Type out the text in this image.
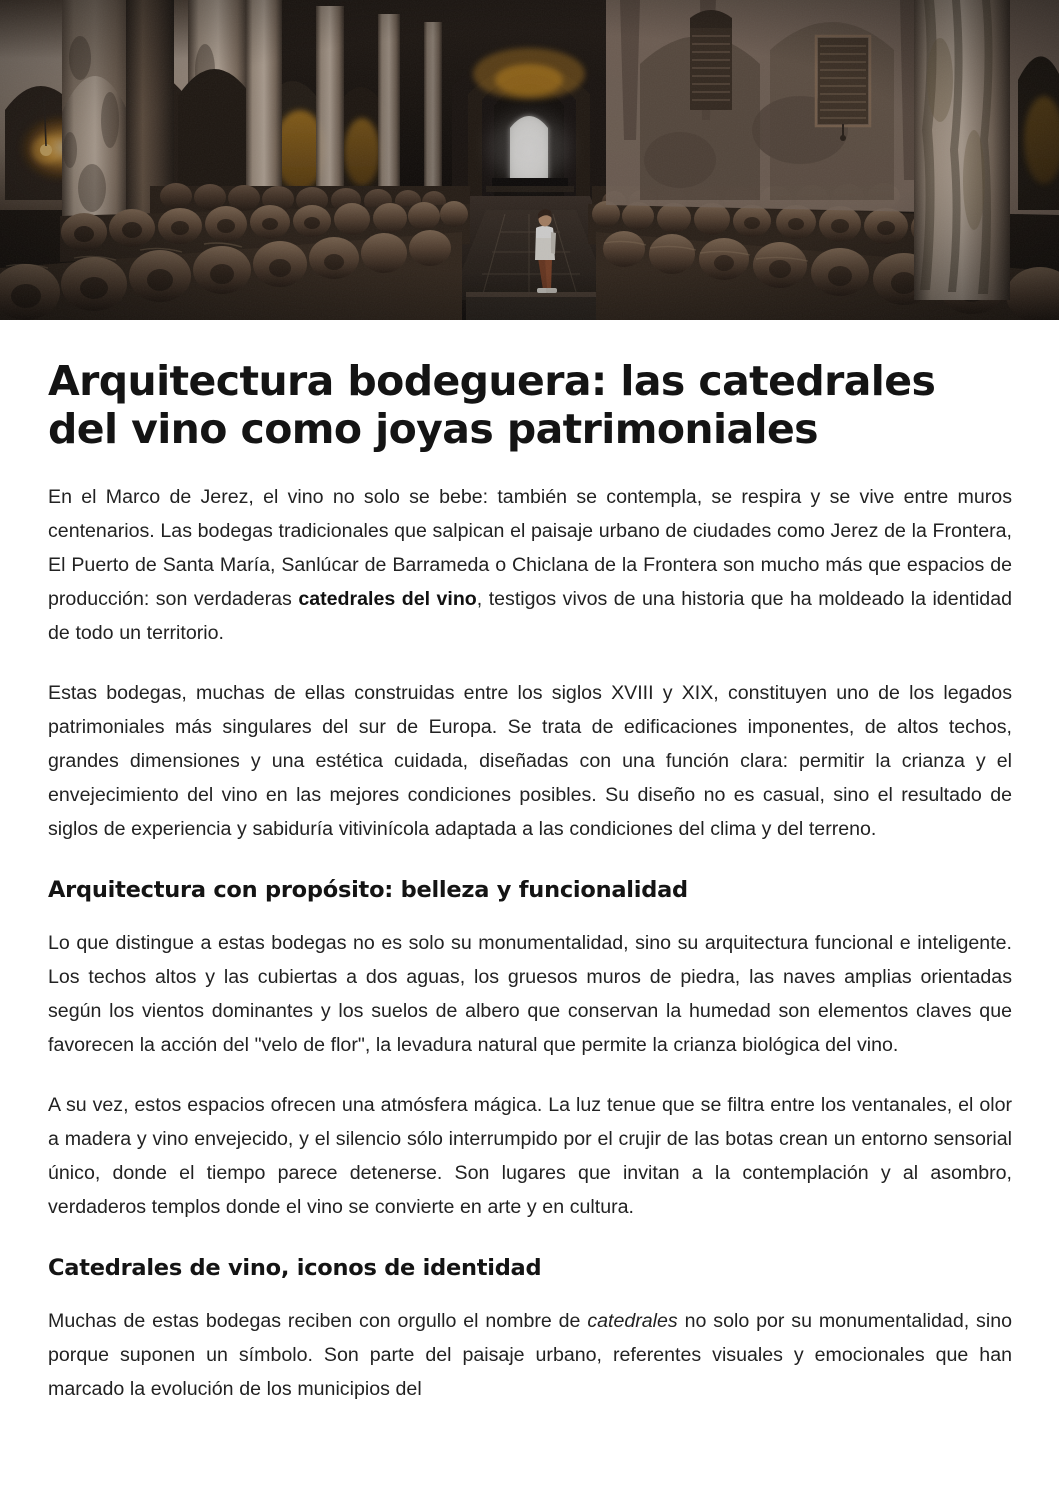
Arquitectura bodeguera: las catedrales del vino como joyas patrimoniales

En el Marco de Jerez, el vino no solo se bebe: también se contempla, se respira y se vive entre muros centenarios. Las bodegas tradicionales que salpican el paisaje urbano de ciudades como Jerez de la Frontera, El Puerto de Santa María, Sanlúcar de Barrameda o Chiclana de la Frontera son mucho más que espacios de producción: son verdaderas catedrales del vino, testigos vivos de una historia que ha moldeado la identidad de todo un territorio.

Estas bodegas, muchas de ellas construidas entre los siglos XVIII y XIX, constituyen uno de los legados patrimoniales más singulares del sur de Europa. Se trata de edificaciones imponentes, de altos techos, grandes dimensiones y una estética cuidada, diseñadas con una función clara: permitir la crianza y el envejecimiento del vino en las mejores condiciones posibles. Su diseño no es casual, sino el resultado de siglos de experiencia y sabiduría vitivinícola adaptada a las condiciones del clima y del terreno.

Arquitectura con propósito: belleza y funcionalidad

Lo que distingue a estas bodegas no es solo su monumentalidad, sino su arquitectura funcional e inteligente. Los techos altos y las cubiertas a dos aguas, los gruesos muros de piedra, las naves amplias orientadas según los vientos dominantes y los suelos de albero que conservan la humedad son elementos claves que favorecen la acción del "velo de flor", la levadura natural que permite la crianza biológica del vino.

A su vez, estos espacios ofrecen una atmósfera mágica. La luz tenue que se filtra entre los ventanales, el olor a madera y vino envejecido, y el silencio sólo interrumpido por el crujir de las botas crean un entorno sensorial único, donde el tiempo parece detenerse. Son lugares que invitan a la contemplación y al asombro, verdaderos templos donde el vino se convierte en arte y en cultura.

Catedrales de vino, iconos de identidad

Muchas de estas bodegas reciben con orgullo el nombre de catedrales no solo por su monumentalidad, sino porque suponen un símbolo. Son parte del paisaje urbano, referentes visuales y emocionales que han marcado la evolución de los municipios del
